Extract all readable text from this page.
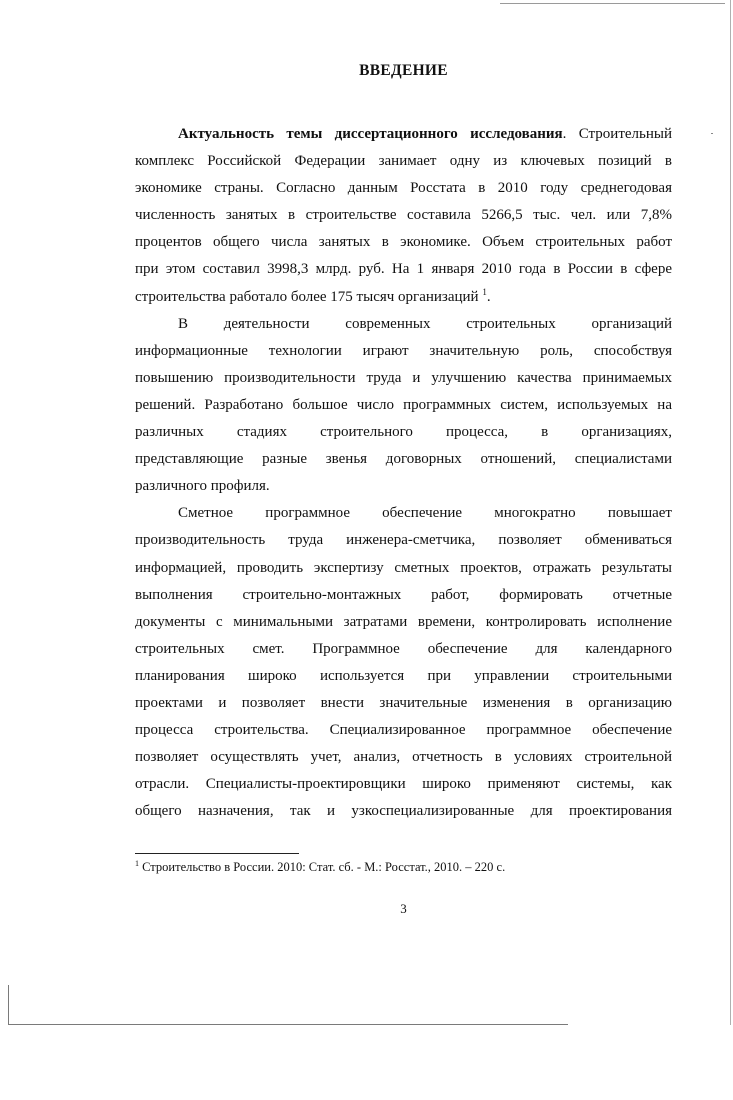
ВВЕДЕНИЕ
Актуальность темы диссертационного исследования. Строительный
комплекс Российской Федерации занимает одну из ключевых позиций в
экономике страны. Согласно данным Росстата в 2010 году среднегодовая
численность занятых в строительстве составила 5266,5 тыс. чел. или 7,8%
процентов общего числа занятых в экономике. Объем строительных работ
при этом составил 3998,3 млрд. руб. На 1 января 2010 года в России в сфере
строительства работало более 175 тысяч организаций $^1$.
В деятельности современных строительных организаций
информационные технологии играют значительную роль, способствуя
повышению производительности труда и улучшению качества принимаемых
решений. Разработано большое число программных систем, используемых на
различных стадиях строительного процесса, в организациях,
представляющие разные звенья договорных отношений, специалистами
различного профиля.
Сметное программное обеспечение многократно повышает
производительность труда инженера-сметчика, позволяет обмениваться
информацией, проводить экспертизу сметных проектов, отражать результаты
выполнения строительно-монтажных работ, формировать отчетные
документы с минимальными затратами времени, контролировать исполнение
строительных смет. Программное обеспечение для календарного
планирования широко используется при управлении строительными
проектами и позволяет внести значительные изменения в организацию
процесса строительства. Специализированное программное обеспечение
позволяет осуществлять учет, анализ, отчетность в условиях строительной
отрасли. Специалисты-проектировщики широко применяют системы, как
общего назначения, так и узкоспециализированные для проектирования
$^1$ Строительство в России. 2010: Стат. сб. - М.: Росстат., 2010. – 220 с.
3
